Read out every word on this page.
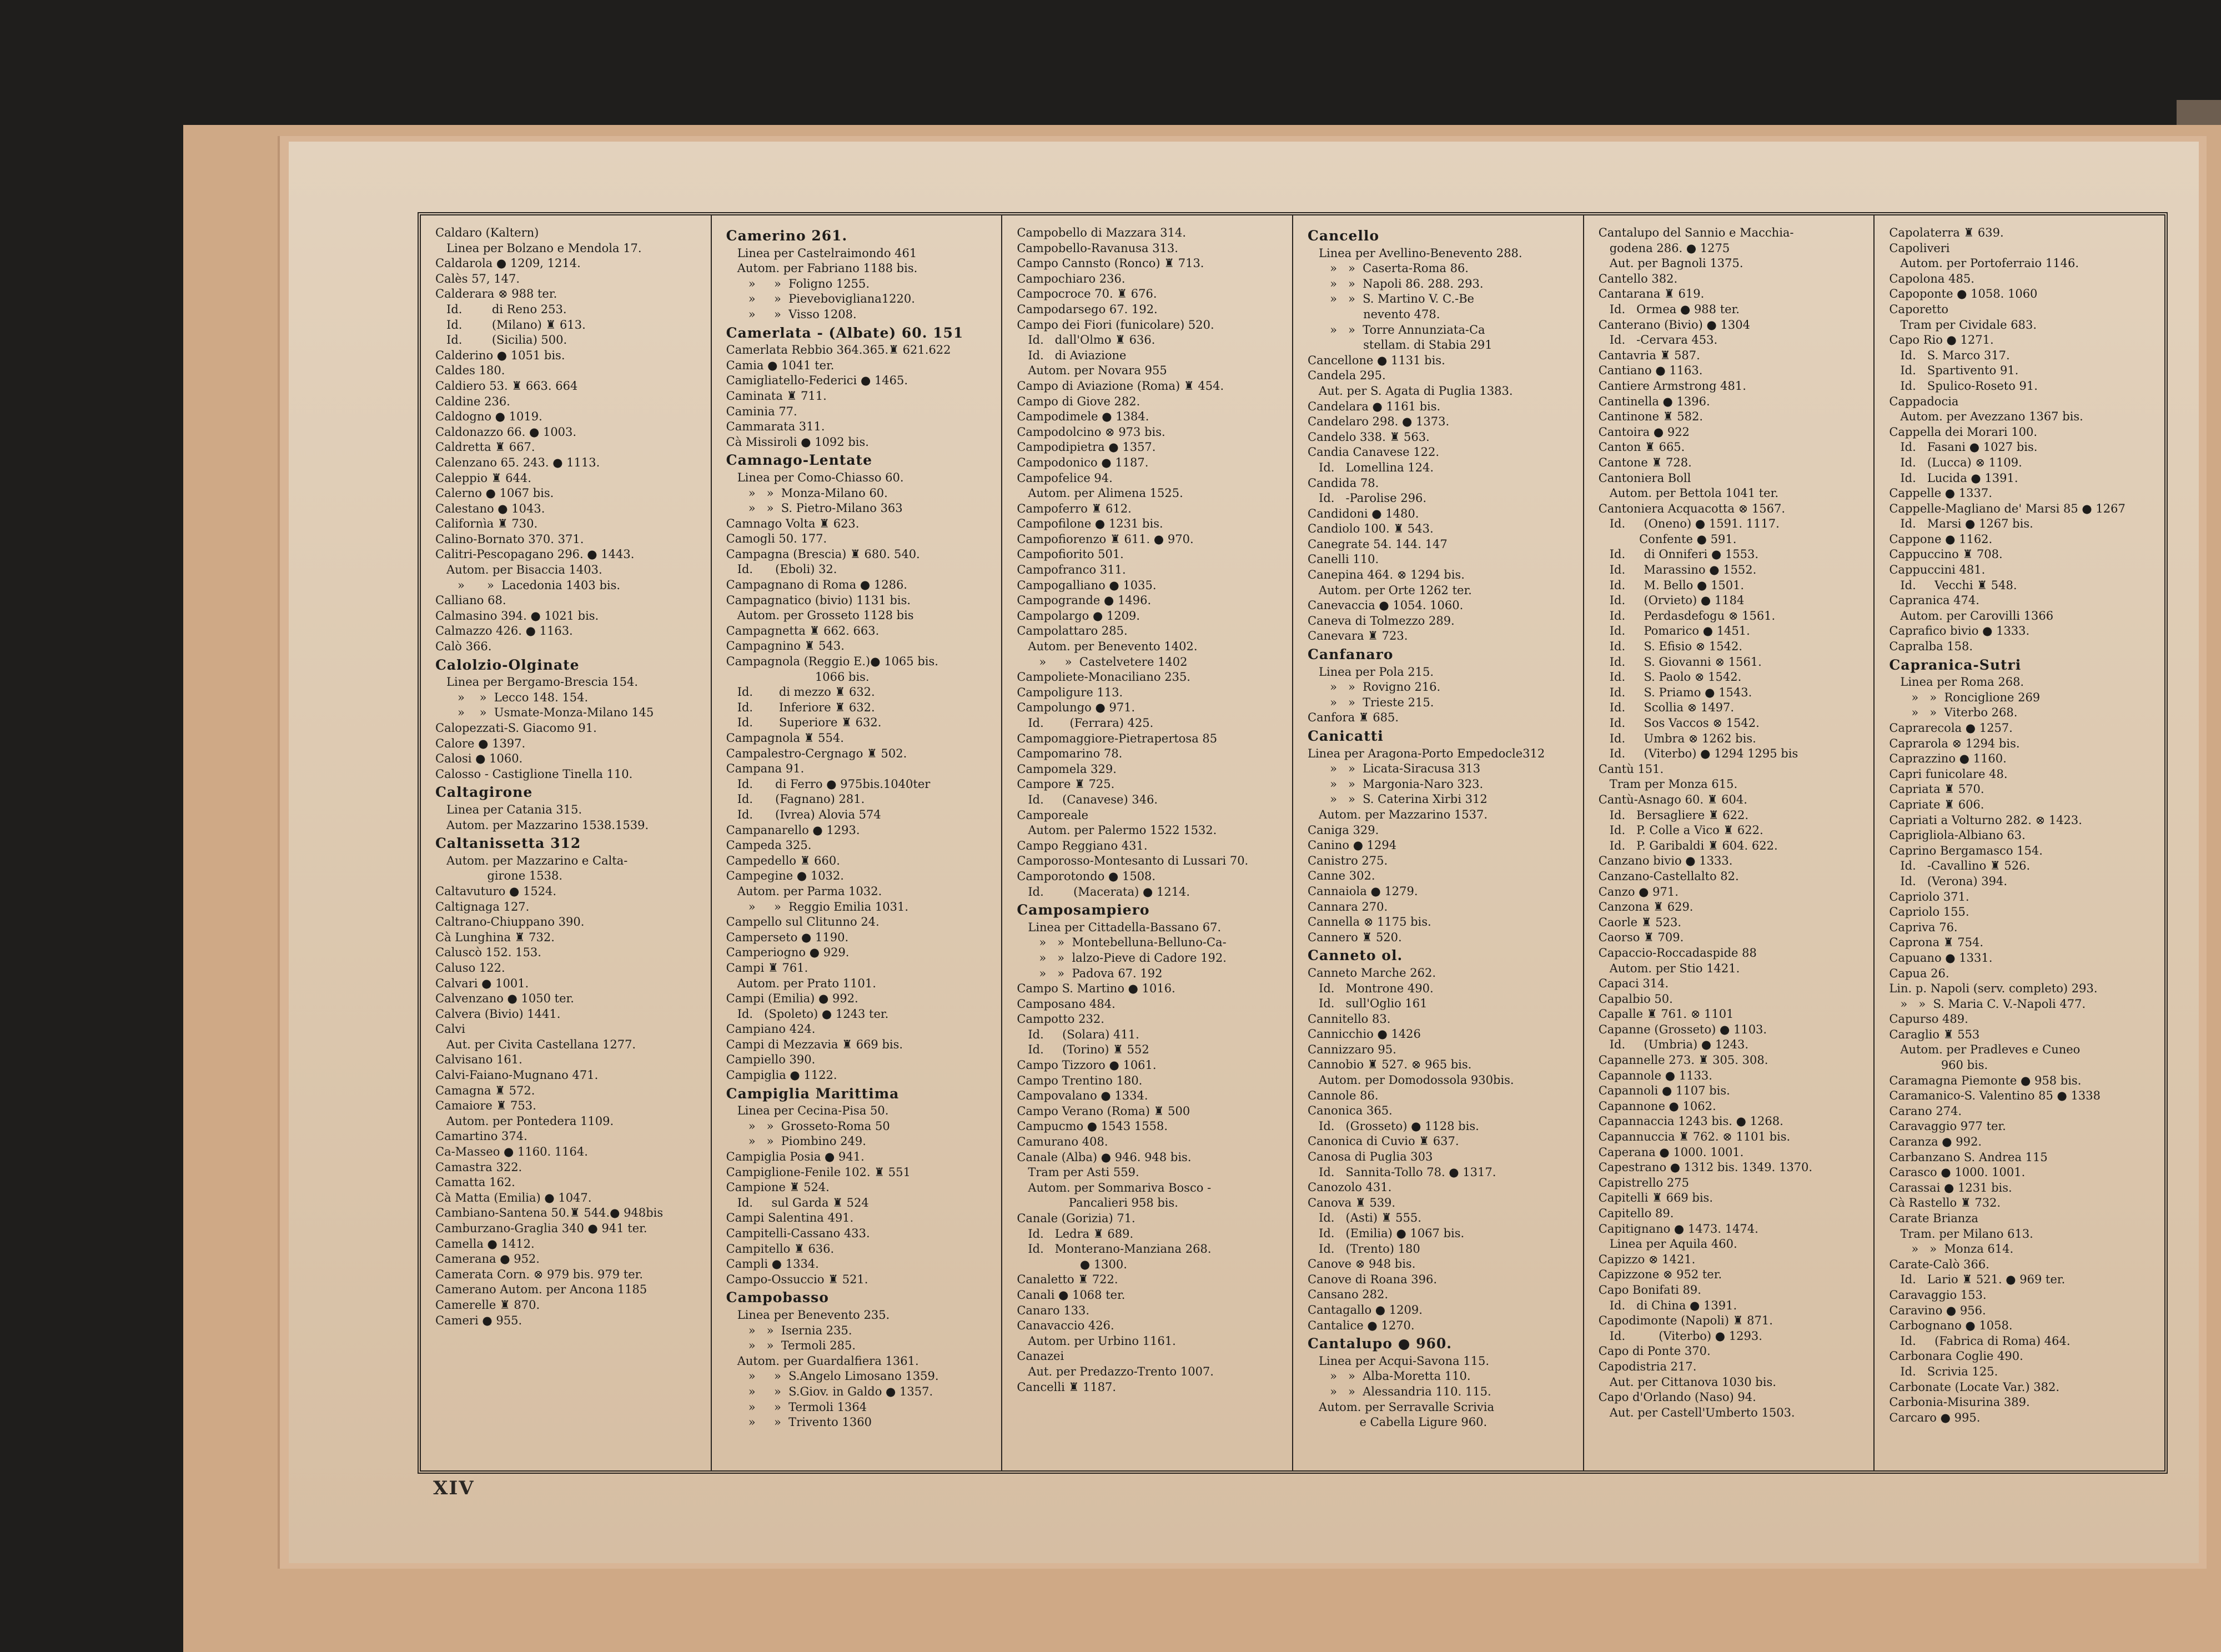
Caldaro (Kaltern)
Linea per Bolzano e Mendola 17.
Caldarola ● 1209, 1214.
Calès 57, 147.
Calderara ⊗ 988 ter.
Id.        di Reno 253.
Id.        (Milano) ♜ 613.
Id.        (Sicilia) 500.
Calderino ● 1051 bis.
Caldes 180.
Caldiero 53. ♜ 663. 664
Caldine 236.
Caldogno ● 1019.
Caldonazzo 66. ● 1003.
Caldretta ♜ 667.
Calenzano 65. 243. ● 1113.
Caleppio ♜ 644.
Calerno ● 1067 bis.
Calestano ● 1043.
Californìa ♜ 730.
Calino-Bornato 370. 371.
Calitri-Pescopagano 296. ● 1443.
Autom. per Bisaccia 1403.
»      »  Lacedonia 1403 bis.
Calliano 68.
Calmasino 394. ● 1021 bis.
Calmazzo 426. ● 1163.
Calò 366.
Calolzio-Olginate
Linea per Bergamo-Brescia 154.
»    »  Lecco 148. 154.
»    »  Usmate-Monza-Milano 145
Calopezzati-S. Giacomo 91.
Calore ● 1397.
Calosi ● 1060.
Calosso - Castiglione Tinella 110.
Caltagirone
Linea per Catania 315.
Autom. per Mazzarino 1538.1539.
Caltanissetta 312
Autom. per Mazzarino e Calta-
girone 1538.
Caltavuturo ● 1524.
Caltignaga 127.
Caltrano-Chiuppano 390.
Cà Lunghina ♜ 732.
Caluscò 152. 153.
Caluso 122.
Calvari ● 1001.
Calvenzano ● 1050 ter.
Calvera (Bivio) 1441.
Calvi
Aut. per Civita Castellana 1277.
Calvisano 161.
Calvi-Faiano-Mugnano 471.
Camagna ♜ 572.
Camaiore ♜ 753.
Autom. per Pontedera 1109.
Camartino 374.
Ca-Masseo ● 1160. 1164.
Camastra 322.
Camatta 162.
Cà Matta (Emilia) ● 1047.
Cambiano-Santena 50.♜ 544.● 948bis
Camburzano-Graglia 340 ● 941 ter.
Camella ● 1412.
Camerana ● 952.
Camerata Corn. ⊗ 979 bis. 979 ter.
Camerano Autom. per Ancona 1185
Camerelle ♜ 870.
Cameri ● 955.
Camerino 261.
Linea per Castelraimondo 461
Autom. per Fabriano 1188 bis.
»     »  Foligno 1255.
»     »  Pievebovigliana1220.
»     »  Visso 1208.
Camerlata - (Albate) 60. 151
Camerlata Rebbio 364.365.♜ 621.622
Camia ● 1041 ter.
Camigliatello-Federici ● 1465.
Caminata ♜ 711.
Caminia 77.
Cammarata 311.
Cà Missiroli ● 1092 bis.
Camnago-Lentate
Linea per Como-Chiasso 60.
»   »  Monza-Milano 60.
»   »  S. Pietro-Milano 363
Camnago Volta ♜ 623.
Camogli 50. 177.
Campagna (Brescia) ♜ 680. 540.
Id.      (Eboli) 32.
Campagnano di Roma ● 1286.
Campagnatico (bivio) 1131 bis.
Autom. per Grosseto 1128 bis
Campagnetta ♜ 662. 663.
Campagnino ♜ 543.
Campagnola (Reggio E.)● 1065 bis.
1066 bis.
Id.       di mezzo ♜ 632.
Id.       Inferiore ♜ 632.
Id.       Superiore ♜ 632.
Campagnola ♜ 554.
Campalestro-Cergnago ♜ 502.
Campana 91.
Id.      di Ferro ● 975bis.1040ter
Id.      (Fagnano) 281.
Id.      (Ivrea) Alovia 574
Campanarello ● 1293.
Campeda 325.
Campedello ♜ 660.
Campegine ● 1032.
Autom. per Parma 1032.
»     »  Reggio Emilia 1031.
Campello sul Clitunno 24.
Camperseto ● 1190.
Camperiogno ● 929.
Campi ♜ 761.
Autom. per Prato 1101.
Campi (Emilia) ● 992.
Id.   (Spoleto) ● 1243 ter.
Campiano 424.
Campi di Mezzavia ♜ 669 bis.
Campiello 390.
Campiglia ● 1122.
Campiglia Marittima
Linea per Cecina-Pisa 50.
»   »  Grosseto-Roma 50
»   »  Piombino 249.
Campiglia Posia ● 941.
Campiglione-Fenile 102. ♜ 551
Campione ♜ 524.
Id.     sul Garda ♜ 524
Campi Salentina 491.
Campitelli-Cassano 433.
Campitello ♜ 636.
Campli ● 1334.
Campo-Ossuccio ♜ 521.
Campobasso
Linea per Benevento 235.
»   »  Isernia 235.
»   »  Termoli 285.
Autom. per Guardalfiera 1361.
»     »  S.Angelo Limosano 1359.
»     »  S.Giov. in Galdo ● 1357.
»     »  Termoli 1364
»     »  Trivento 1360
Campobello di Mazzara 314.
Campobello-Ravanusa 313.
Campo Cannsto (Ronco) ♜ 713.
Campochiaro 236.
Campocroce 70. ♜ 676.
Campodarsego 67. 192.
Campo dei Fiori (funicolare) 520.
Id.   dall'Olmo ♜ 636.
Id.   di Aviazione
Autom. per Novara 955
Campo di Aviazione (Roma) ♜ 454.
Campo di Giove 282.
Campodimele ● 1384.
Campodolcino ⊗ 973 bis.
Campodipietra ● 1357.
Campodonico ● 1187.
Campofelice 94.
Autom. per Alimena 1525.
Campoferro ♜ 612.
Campofilone ● 1231 bis.
Campofiorenzo ♜ 611. ● 970.
Campofiorito 501.
Campofranco 311.
Campogalliano ● 1035.
Campogrande ● 1496.
Campolargo ● 1209.
Campolattaro 285.
Autom. per Benevento 1402.
»     »  Castelvetere 1402
Campoliete-Monaciliano 235.
Campoligure 113.
Campolungo ● 971.
Id.       (Ferrara) 425.
Campomaggiore-Pietrapertosa 85
Campomarino 78.
Campomela 329.
Campore ♜ 725.
Id.     (Canavese) 346.
Camporeale
Autom. per Palermo 1522 1532.
Campo Reggiano 431.
Camporosso-Montesanto di Lussari 70.
Camporotondo ● 1508.
Id.        (Macerata) ● 1214.
Camposampiero
Linea per Cittadella-Bassano 67.
»   »  Montebelluna-Belluno-Ca-
»   »  lalzo-Pieve di Cadore 192.
»   »  Padova 67. 192
Campo S. Martino ● 1016.
Camposano 484.
Campotto 232.
Id.     (Solara) 411.
Id.     (Torino) ♜ 552
Campo Tizzoro ● 1061.
Campo Trentino 180.
Campovalano ● 1334.
Campo Verano (Roma) ♜ 500
Campucmo ● 1543 1558.
Camurano 408.
Canale (Alba) ● 946. 948 bis.
Tram per Asti 559.
Autom. per Sommariva Bosco -
Pancalieri 958 bis.
Canale (Gorizia) 71.
Id.   Ledra ♜ 689.
Id.   Monterano-Manziana 268.
● 1300.
Canaletto ♜ 722.
Canali ● 1068 ter.
Canaro 133.
Canavaccio 426.
Autom. per Urbino 1161.
Canazei
Aut. per Predazzo-Trento 1007.
Cancelli ♜ 1187.
Cancello
Linea per Avellino-Benevento 288.
»   »  Caserta-Roma 86.
»   »  Napoli 86. 288. 293.
»   »  S. Martino V. C.-Be
nevento 478.
»   »  Torre Annunziata-Ca
stellam. di Stabia 291
Cancellone ● 1131 bis.
Candela 295.
Aut. per S. Agata di Puglia 1383.
Candelara ● 1161 bis.
Candelaro 298. ● 1373.
Candelo 338. ♜ 563.
Candia Canavese 122.
Id.   Lomellina 124.
Candida 78.
Id.   -Parolise 296.
Candidoni ● 1480.
Candiolo 100. ♜ 543.
Canegrate 54. 144. 147
Canelli 110.
Canepina 464. ⊗ 1294 bis.
Autom. per Orte 1262 ter.
Canevaccia ● 1054. 1060.
Caneva di Tolmezzo 289.
Canevara ♜ 723.
Canfanaro
Linea per Pola 215.
»   »  Rovigno 216.
»   »  Trieste 215.
Canfora ♜ 685.
Canicatti
Linea per Aragona-Porto Empedocle312
»   »  Licata-Siracusa 313
»   »  Margonia-Naro 323.
»   »  S. Caterina Xirbi 312
Autom. per Mazzarino 1537.
Caniga 329.
Canino ● 1294
Canistro 275.
Canne 302.
Cannaiola ● 1279.
Cannara 270.
Cannella ⊗ 1175 bis.
Cannero ♜ 520.
Canneto ol.
Canneto Marche 262.
Id.   Montrone 490.
Id.   sull'Oglio 161
Cannitello 83.
Cannicchio ● 1426
Cannizzaro 95.
Cannobio ♜ 527. ⊗ 965 bis.
Autom. per Domodossola 930bis.
Cannole 86.
Canonica 365.
Id.   (Grosseto) ● 1128 bis.
Canonica di Cuvio ♜ 637.
Canosa di Puglia 303
Id.   Sannita-Tollo 78. ● 1317.
Canozolo 431.
Canova ♜ 539.
Id.   (Asti) ♜ 555.
Id.   (Emilia) ● 1067 bis.
Id.   (Trento) 180
Canove ⊗ 948 bis.
Canove di Roana 396.
Cansano 282.
Cantagallo ● 1209.
Cantalice ● 1270.
Cantalupo ● 960.
Linea per Acqui-Savona 115.
»   »  Alba-Moretta 110.
»   »  Alessandria 110. 115.
Autom. per Serravalle Scrivia
e Cabella Ligure 960.
Cantalupo del Sannio e Macchia-
godena 286. ● 1275
Aut. per Bagnoli 1375.
Cantello 382.
Cantarana ♜ 619.
Id.   Ormea ● 988 ter.
Canterano (Bivio) ● 1304
Id.   -Cervara 453.
Cantavria ♜ 587.
Cantiano ● 1163.
Cantiere Armstrong 481.
Cantinella ● 1396.
Cantinone ♜ 582.
Cantoira ● 922
Canton ♜ 665.
Cantone ♜ 728.
Cantoniera Boll
Autom. per Bettola 1041 ter.
Cantoniera Acquacotta ⊗ 1567.
Id.     (Oneno) ● 1591. 1117.
Confente ● 591.
Id.     di Onniferi ● 1553.
Id.     Marassino ● 1552.
Id.     M. Bello ● 1501.
Id.     (Orvieto) ● 1184
Id.     Perdasdefogu ⊗ 1561.
Id.     Pomarico ● 1451.
Id.     S. Efisio ⊗ 1542.
Id.     S. Giovanni ⊗ 1561.
Id.     S. Paolo ⊗ 1542.
Id.     S. Priamo ● 1543.
Id.     Scollia ⊗ 1497.
Id.     Sos Vaccos ⊗ 1542.
Id.     Umbra ⊗ 1262 bis.
Id.     (Viterbo) ● 1294 1295 bis
Cantù 151.
Tram per Monza 615.
Cantù-Asnago 60. ♜ 604.
Id.   Bersagliere ♜ 622.
Id.   P. Colle a Vico ♜ 622.
Id.   P. Garibaldi ♜ 604. 622.
Canzano bivio ● 1333.
Canzano-Castellalto 82.
Canzo ● 971.
Canzona ♜ 629.
Caorle ♜ 523.
Caorso ♜ 709.
Capaccio-Roccadaspide 88
Autom. per Stio 1421.
Capaci 314.
Capalbio 50.
Capalle ♜ 761. ⊗ 1101
Capanne (Grosseto) ● 1103.
Id.     (Umbria) ● 1243.
Capannelle 273. ♜ 305. 308.
Capannole ● 1133.
Capannoli ● 1107 bis.
Capannone ● 1062.
Capannaccia 1243 bis. ● 1268.
Capannuccia ♜ 762. ⊗ 1101 bis.
Caperana ● 1000. 1001.
Capestrano ● 1312 bis. 1349. 1370.
Capistrello 275
Capitelli ♜ 669 bis.
Capitello 89.
Capitignano ● 1473. 1474.
Linea per Aquila 460.
Capizzo ⊗ 1421.
Capizzone ⊗ 952 ter.
Capo Bonifati 89.
Id.   di China ● 1391.
Capodimonte (Napoli) ♜ 871.
Id.         (Viterbo) ● 1293.
Capo di Ponte 370.
Capodistria 217.
Aut. per Cittanova 1030 bis.
Capo d'Orlando (Naso) 94.
Aut. per Castell'Umberto 1503.
Capolaterra ♜ 639.
Capoliveri
Autom. per Portoferraio 1146.
Capolona 485.
Capoponte ● 1058. 1060
Caporetto
Tram per Cividale 683.
Capo Rio ● 1271.
Id.   S. Marco 317.
Id.   Spartivento 91.
Id.   Spulico-Roseto 91.
Cappadocia
Autom. per Avezzano 1367 bis.
Cappella dei Morari 100.
Id.   Fasani ● 1027 bis.
Id.   (Lucca) ⊗ 1109.
Id.   Lucida ● 1391.
Cappelle ● 1337.
Cappelle-Magliano de' Marsi 85 ● 1267
Id.   Marsi ● 1267 bis.
Cappone ● 1162.
Cappuccino ♜ 708.
Cappuccini 481.
Id.     Vecchi ♜ 548.
Capranica 474.
Autom. per Carovilli 1366
Caprafico bivio ● 1333.
Capralba 158.
Capranica-Sutri
Linea per Roma 268.
»   »  Ronciglione 269
»   »  Viterbo 268.
Caprarecola ● 1257.
Caprarola ⊗ 1294 bis.
Caprazzino ● 1160.
Capri funicolare 48.
Capriata ♜ 570.
Capriate ♜ 606.
Capriati a Volturno 282. ⊗ 1423.
Caprigliola-Albiano 63.
Caprino Bergamasco 154.
Id.   -Cavallino ♜ 526.
Id.   (Verona) 394.
Capriolo 371.
Capriolo 155.
Capriva 76.
Caprona ♜ 754.
Capuano ● 1331.
Capua 26.
Lin. p. Napoli (serv. completo) 293.
»   »  S. Maria C. V.-Napoli 477.
Capurso 489.
Caraglio ♜ 553
Autom. per Pradleves e Cuneo
960 bis.
Caramagna Piemonte ● 958 bis.
Caramanico-S. Valentino 85 ● 1338
Carano 274.
Caravaggio 977 ter.
Caranza ● 992.
Carbanzano S. Andrea 115
Carasco ● 1000. 1001.
Carassai ● 1231 bis.
Cà Rastello ♜ 732.
Carate Brianza
Tram. per Milano 613.
»   »  Monza 614.
Carate-Calò 366.
Id.   Lario ♜ 521. ● 969 ter.
Caravaggio 153.
Caravino ● 956.
Carbognano ● 1058.
Id.     (Fabrica di Roma) 464.
Carbonara Coglie 490.
Id.   Scrivia 125.
Carbonate (Locate Var.) 382.
Carbonia-Misurina 389.
Carcaro ● 995.
XIV
